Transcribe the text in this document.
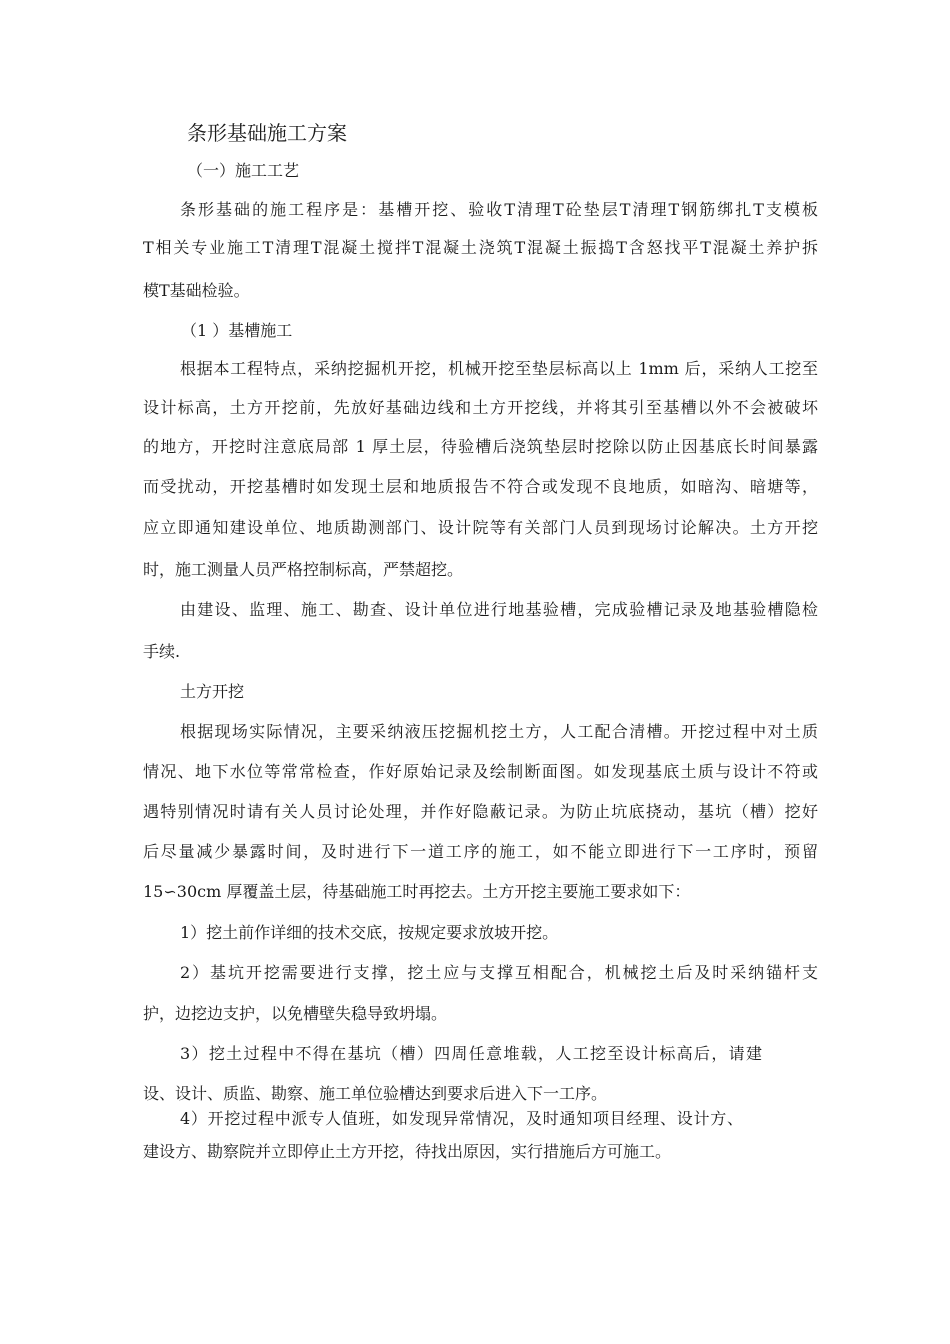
条形基础施工方案
（一）施工工艺
条形基础的施工程序是：基槽开挖、验收T清理T砼垫层T清理T钢筋绑扎T支模板
T相关专业施工T清理T混凝土搅拌T混凝土浇筑T混凝土振捣T含怒找平T混凝土养护拆
模T基础检验。
（1 ）基槽施工
根据本工程特点，采纳挖掘机开挖，机械开挖至垫层标高以上 1mm 后，采纳人工挖至
设计标高，土方开挖前，先放好基础边线和土方开挖线，并将其引至基槽以外不会被破坏
的地方，开挖时注意底局部 1 厚土层，待验槽后浇筑垫层时挖除以防止因基底长时间暴露
而受扰动，开挖基槽时如发现土层和地质报告不符合或发现不良地质，如暗沟、暗塘等，
应立即通知建设单位、地质勘测部门、设计院等有关部门人员到现场讨论解决。土方开挖
时，施工测量人员严格控制标高，严禁超挖。
由建设、监理、施工、勘查、设计单位进行地基验槽，完成验槽记录及地基验槽隐检
手续.
土方开挖
根据现场实际情况，主要采纳液压挖掘机挖土方，人工配合清槽。开挖过程中对土质
情况、地下水位等常常检查，作好原始记录及绘制断面图。如发现基底土质与设计不符或
遇特别情况时请有关人员讨论处理，并作好隐蔽记录。为防止坑底挠动，基坑（槽）挖好
后尽量减少暴露时间，及时进行下一道工序的施工，如不能立即进行下一工序时，预留
15∽30cm 厚覆盖土层，待基础施工时再挖去。土方开挖主要施工要求如下：
1）挖土前作详细的技术交底，按规定要求放坡开挖。
2）基坑开挖需要进行支撑，挖土应与支撑互相配合，机械挖土后及时采纳锚杆支
护，边挖边支护，以免槽壁失稳导致坍塌。
3）挖土过程中不得在基坑（槽）四周任意堆载，人工挖至设计标高后，请建
设、设计、质监、勘察、施工单位验槽达到要求后进入下一工序。
4）开挖过程中派专人值班，如发现异常情况，及时通知项目经理、设计方、
建设方、勘察院并立即停止土方开挖，待找出原因，实行措施后方可施工。
